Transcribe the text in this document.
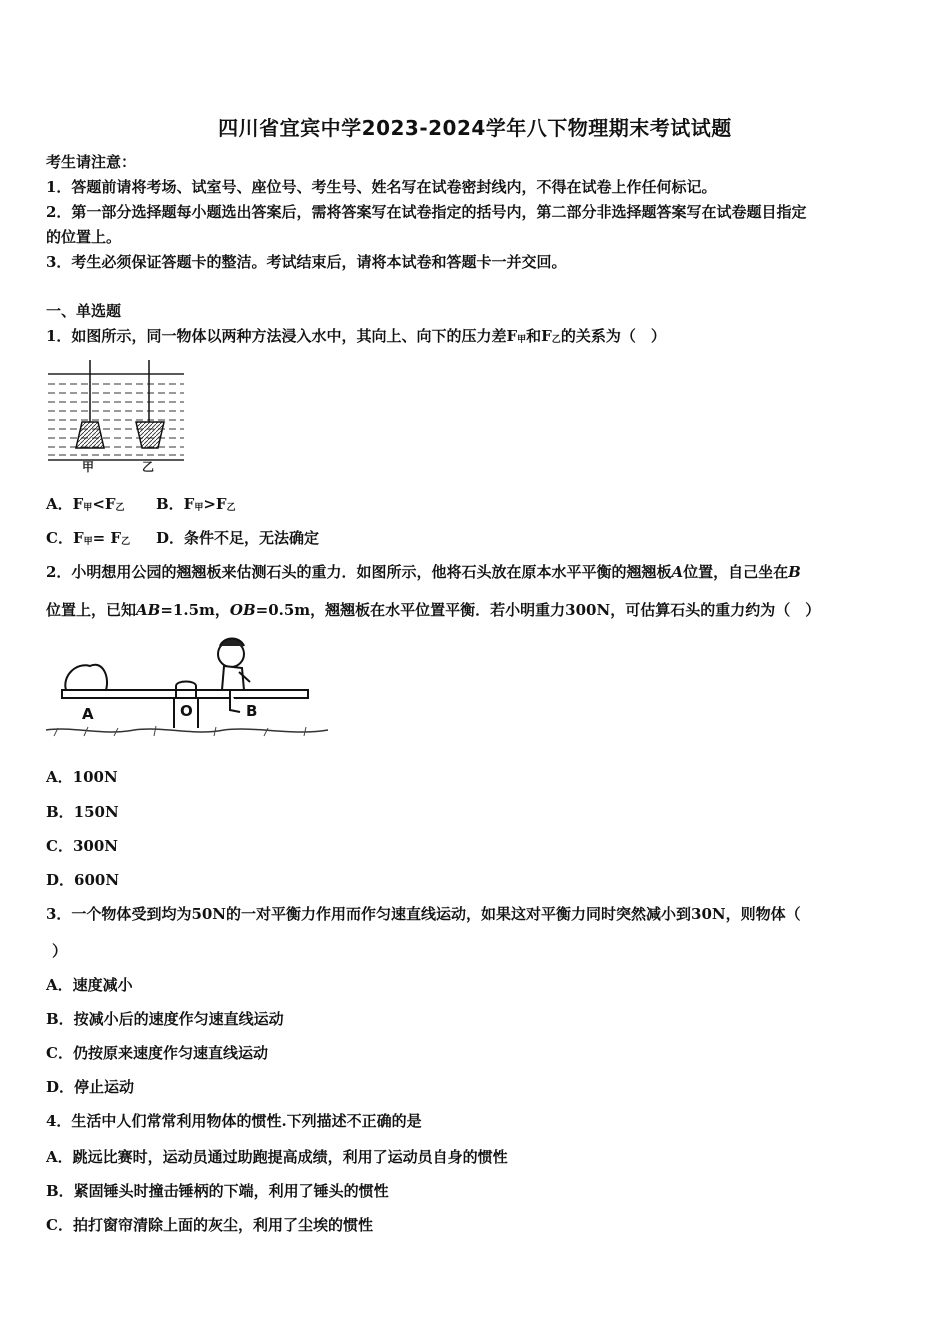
四川省宜宾中学2023-2024学年八下物理期末考试试题
考生请注意：
1．答题前请将考场、试室号、座位号、考生号、姓名写在试卷密封线内，不得在试卷上作任何标记。
2．第一部分选择题每小题选出答案后，需将答案写在试卷指定的括号内，第二部分非选择题答案写在试卷题目指定
的位置上。
3．考生必须保证答题卡的整洁。考试结束后，请将本试卷和答题卡一并交回。
一、单选题
1．如图所示，同一物体以两种方法浸入水中，其向上、向下的压力差F甲和F乙的关系为（　）
甲	乙
A．F甲<F乙 B．F甲>F乙
C．F甲= F乙 D．条件不足，无法确定
2．小明想用公园的翘翘板来估测石头的重力．如图所示，他将石头放在原本水平平衡的翘翘板A位置，自己坐在B
位置上，已知AB=1.5m，OB=0.5m，翘翘板在水平位置平衡．若小明重力300N，可估算石头的重力约为（　）
A	O	B
A．100N
B．150N
C．300N
D．600N
3．一个物体受到均为50N的一对平衡力作用而作匀速直线运动，如果这对平衡力同时突然减小到30N，则物体（
）
A．速度减小
B．按减小后的速度作匀速直线运动
C．仍按原来速度作匀速直线运动
D．停止运动
4．生活中人们常常利用物体的惯性.下列描述不正确的是
A．跳远比赛时，运动员通过助跑提高成绩，利用了运动员自身的惯性
B．紧固锤头时撞击锤柄的下端，利用了锤头的惯性
C．拍打窗帘清除上面的灰尘，利用了尘埃的惯性
